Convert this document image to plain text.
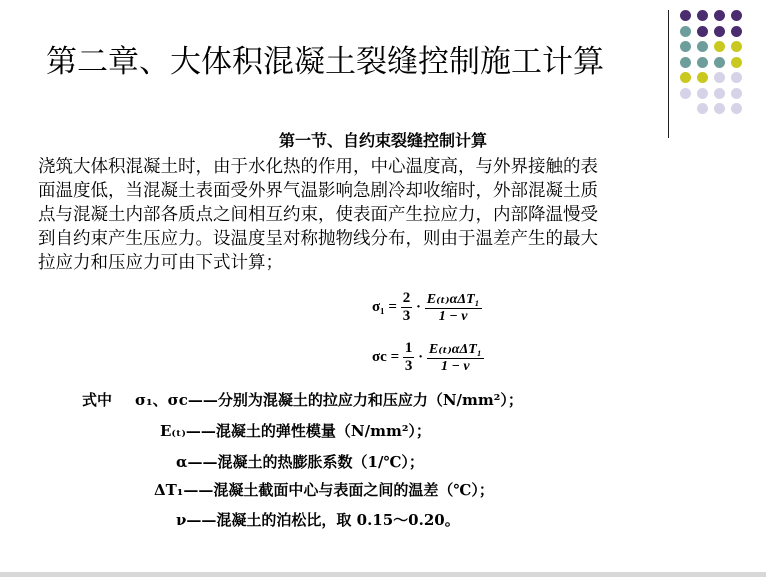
第二章、大体积混凝土裂缝控制施工计算
第一节、自约束裂缝控制计算
浇筑大体积混凝土时，由于水化热的作用，中心温度高，与外界接触的表
面温度低，当混凝土表面受外界气温影响急剧冷却收缩时，外部混凝土质
点与混凝土内部各质点之间相互约束，使表面产生拉应力，内部降温慢受
到自约束产生压应力。设温度呈对称抛物线分布，则由于温差产生的最大
拉应力和压应力可由下式计算；
$\sigma_1 = \frac{2}{3} \cdot \frac{\text{E₍ₜ₎αΔT₁}}{1 - \nu}$
$\sigma c = \frac{1}{3} \cdot \frac{\text{E₍ₜ₎αΔT₁}}{1 - \nu}$
式中 σ₁、σc——分别为混凝土的拉应力和压应力（N/mm²）；
E₍ₜ₎——混凝土的弹性模量（N/mm²）；
α——混凝土的热膨胀系数（1/℃）；
ΔT₁——混凝土截面中心与表面之间的温差（℃）；
ν——混凝土的泊松比，取 0.15～0.20。
